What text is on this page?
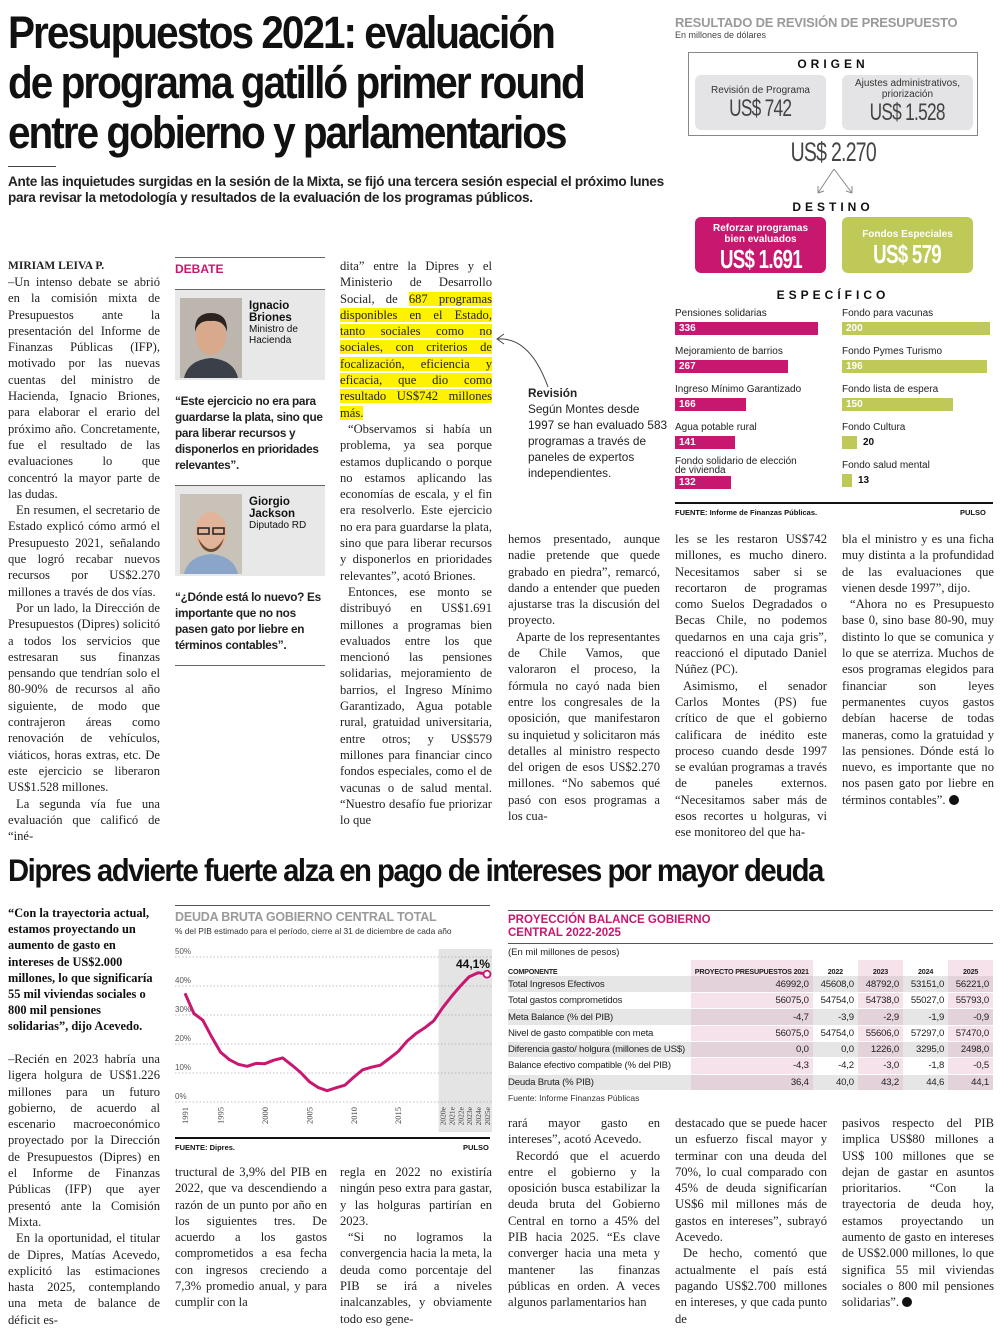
Presupuestos 2021: evaluación
de programa gatilló primer round
entre gobierno y parlamentarios
Ante las inquietudes surgidas en la sesión de la Mixta, se fijó una tercera sesión especial el próximo lunes para revisar la metodología y resultados de la evaluación de los programas públicos.
MIRIAM LEIVA P.

–Un intenso debate se abrió en la comisión mixta de Presupuestos ante la presentación del Informe de Finanzas Públicas (IFP), motivado por las nuevas cuentas del ministro de Hacienda, Ignacio Briones, para elaborar el erario del próximo año. Concretamente, fue el resultado de las evaluaciones lo que concentró la mayor parte de las dudas.

En resumen, el secretario de Estado explicó cómo armó el Presupuesto 2021, señalando que logró recabar nuevos recursos por US$2.270 millones a través de dos vías.

Por un lado, la Dirección de Presupuestos (Dipres) solicitó a todos los servicios que estresaran sus finanzas pensando que tendrían solo el 80-90% de recursos al año siguiente, de modo que contrajeron áreas como renovación de vehículos, viáticos, horas extras, etc. De este ejercicio se liberaron US$1.528 millones.

La segunda vía fue una evaluación que calificó de “iné-

DEBATE
Ignacio
Briones
Ministro de
Hacienda
“Este ejercicio no era para guardarse la plata, sino que para liberar recursos y disponerlos en prioridades relevantes”.
Giorgio
Jackson
Diputado RD
“¿Dónde está lo nuevo? Es importante que no nos pasen gato por liebre en términos contables”.

dita” entre la Dipres y el Ministerio de Desarrollo Social, de 687 programas disponibles en el Estado, tanto sociales como no sociales, con criterios de focalización, eficiencia y eficacia, que dio como resultado US$742 millones más.

“Observamos si había un problema, ya sea porque estamos duplicando o porque no estamos aplicando las economías de escala, y el fin era resolverlo. Este ejercicio no era para guardarse la plata, sino que para liberar recursos y disponerlos en prioridades relevantes”, acotó Briones.

Entonces, ese monto se distribuyó en US$1.691 millones a programas bien evaluados entre los que mencionó las pensiones solidarias, mejoramiento de barrios, el Ingreso Mínimo Garantizado, Agua potable rural, gratuidad universitaria, entre otros; y US$579 millones para financiar cinco fondos especiales, como el de vacunas o de salud mental. “Nuestro desafío fue priorizar lo que

Revisión
Según Montes desde 1997 se han evaluado 583 programas a través de paneles de expertos independientes.

hemos presentado, aunque nadie pretende que quede grabado en piedra”, remarcó, dando a entender que pueden ajustarse tras la discusión del proyecto.

Aparte de los representantes de Chile Vamos, que valoraron el proceso, la fórmula no cayó nada bien entre los congresales de la oposición, que manifestaron su inquietud y solicitaron más detalles al ministro respecto del origen de esos US$2.270 millones. “No sabemos qué pasó con esos programas a los cua-

les se les restaron US$742 millones, es mucho dinero. Necesitamos saber si se recortaron de programas como Suelos Degradados o Becas Chile, no podemos quedarnos en una caja gris”, reaccionó el diputado Daniel Núñez (PC).

Asimismo, el senador Carlos Montes (PS) fue crítico de que el gobierno calificara de inédito este proceso cuando desde 1997 se evalúan programas a través de paneles externos. “Necesitamos saber más de esos recortes u holguras, vi ese monitoreo del que ha-

bla el ministro y es una ficha muy distinta a la profundidad de las evaluaciones que vienen desde 1997”, dijo.

“Ahora no es Presupuesto base 0, sino base 80-90, muy distinto lo que se comunica y lo que se aterriza. Muchos de esos programas elegidos para financiar son leyes permanentes cuyos gastos debían hacerse de todas maneras, como la gratuidad y las pensiones. Dónde está lo nuevo, es importante que no nos pasen gato por liebre en términos contables”.

RESULTADO DE REVISIÓN DE PRESUPUESTO
En millones de dólares
ORIGEN
Revisión de Programa
US$ 742
Ajustes administrativos, priorización
US$ 1.528
US$ 2.270
DESTINO
Reforzar programas bien evaluados
US$ 1.691
Fondos Especiales
US$ 579
ESPECÍFICO
Pensiones solidarias
336
Mejoramiento de barrios
267
Ingreso Mínimo Garantizado
166
Agua potable rural
141
Fondo solidario de elección de vivienda
132
Fondo para vacunas
200
Fondo Pymes Turismo
196
Fondo lista de espera
150
Fondo Cultura
20
Fondo salud mental
13
FUENTE: Informe de Finanzas Públicas.	PULSO
Dipres advierte fuerte alza en pago de intereses por mayor deuda
“Con la trayectoria actual, estamos proyectando un aumento de gasto en intereses de US$2.000 millones, lo que significaría 55 mil viviendas sociales o 800 mil pensiones solidarias”, dijo Acevedo.

–Recién en 2023 habría una ligera holgura de US$1.226 millones para un futuro gobierno, de acuerdo al escenario macroeconómico proyectado por la Dirección de Presupuestos (Dipres) en el Informe de Finanzas Públicas (IFP) que ayer presentó ante la Comisión Mixta.

En la oportunidad, el titular de Dipres, Matías Acevedo, explicitó las estimaciones hasta 2025, contemplando una meta de balance de déficit es-

tructural de 3,9% del PIB en 2022, que va descendiendo a razón de un punto por año en los siguientes tres. De acuerdo a los gastos comprometidos a esa fecha con ingresos creciendo a 7,3% promedio anual, y para cumplir con la

regla en 2022 no existiría ningún peso extra para gastar, y las holguras partirían en 2023.

“Si no logramos la convergencia hacia la meta, la deuda como porcentaje del PIB se irá a niveles inalcanzables, y obviamente todo eso gene-

rará mayor gasto en intereses”, acotó Acevedo.

Recordó que el acuerdo entre el gobierno y la oposición busca estabilizar la deuda bruta del Gobierno Central en torno a 45% del PIB hacia 2025. “Es clave converger hacia una meta y mantener las finanzas públicas en orden. A veces algunos parlamentarios han

destacado que se puede hacer un esfuerzo fiscal mayor y terminar con una deuda del 70%, lo cual comparado con 45% de deuda significarían US$6 mil millones más de gastos en intereses”, subrayó Acevedo.

De hecho, comentó que actualmente el país está pagando US$2.700 millones en intereses, y que cada punto de

pasivos respecto del PIB implica US$80 millones a US$ 100 millones que se dejan de gastar en asuntos prioritarios. “Con la trayectoria de deuda hoy, estamos proyectando un aumento de gasto en intereses de US$2.000 millones, lo que significa 55 mil viviendas sociales o 800 mil pensiones solidarias”.

DEUDA BRUTA GOBIERNO CENTRAL TOTAL
% del PIB estimado para el período, cierre al 31 de diciembre de cada año
0%
10%
20%
30%
40%
50%
1991	1995	2000	2005	2010	2015	2020e 2021e 2022e 2023e 2024e 2025e
44,1%
FUENTE: Dipres.	PULSO
PROYECCIÓN BALANCE GOBIERNO CENTRAL 2022-2025
(En mil millones de pesos)
COMPONENTE	PROYECTO PRESUPUESTOS 2021	2022	2023	2024	2025
Total Ingresos Efectivos	46992,0	45608,0	48792,0	53151,0	56221,0
Total gastos comprometidos	56075,0	54754,0	54738,0	55027,0	55793,0
Meta Balance (% del PIB)	-4,7	-3,9	-2,9	-1,9	-0,9
Nivel de gasto compatible con meta	56075,0	54754,0	55606,0	57297,0	57470,0
Diferencia gasto/ holgura (millones de US$)	0,0	0,0	1226,0	3295,0	2498,0
Balance efectivo compatible (% del PIB)	-4,3	-4,2	-3,0	-1,8	-0,5
Deuda Bruta (% PIB)	36,4	40,0	43,2	44,6	44,1
Fuente: Informe Finanzas Públicas
